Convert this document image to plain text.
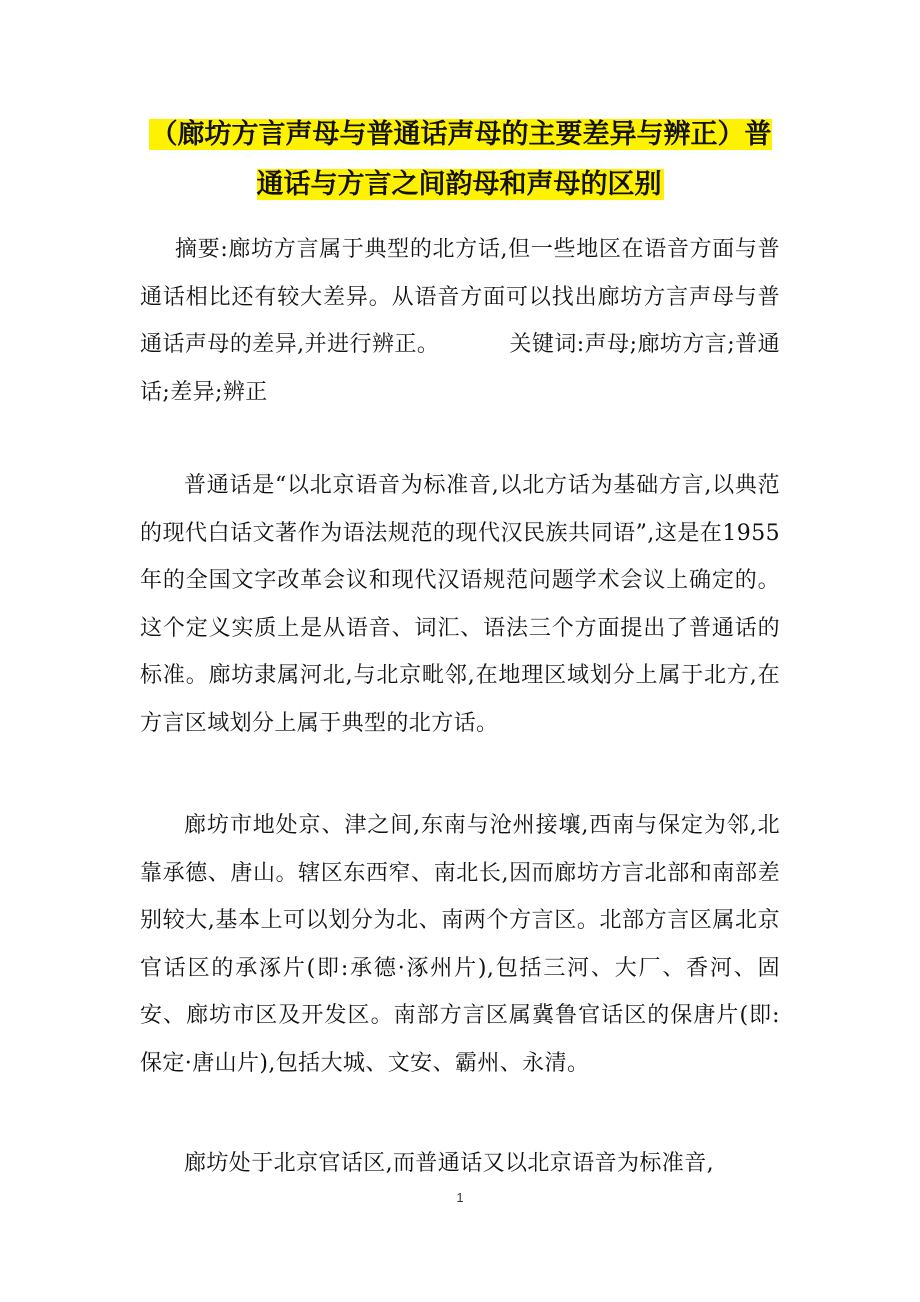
（廊坊方言声母与普通话声母的主要差异与辨正）普通话与方言之间韵母和声母的区别
摘要:廊坊方言属于典型的北方话,但一些地区在语音方面与普通话相比还有较大差异。从语音方面可以找出廊坊方言声母与普通话声母的差异,并进行辨正。	关键词:声母;廊坊方言;普通话;差异;辨正
普通话是“以北京语音为标准音,以北方话为基础方言,以典范的现代白话文著作为语法规范的现代汉民族共同语”,这是在1955年的全国文字改革会议和现代汉语规范问题学术会议上确定的。这个定义实质上是从语音、词汇、语法三个方面提出了普通话的标准。廊坊隶属河北,与北京毗邻,在地理区域划分上属于北方,在方言区域划分上属于典型的北方话。
廊坊市地处京、津之间,东南与沧州接壤,西南与保定为邻,北靠承德、唐山。辖区东西窄、南北长,因而廊坊方言北部和南部差别较大,基本上可以划分为北、南两个方言区。北部方言区属北京官话区的承涿片(即:承德·涿州片),包括三河、大厂、香河、固安、廊坊市区及开发区。南部方言区属冀鲁官话区的保唐片(即:保定·唐山片),包括大城、文安、霸州、永清。
廊坊处于北京官话区,而普通话又以北京语音为标准音,
1
